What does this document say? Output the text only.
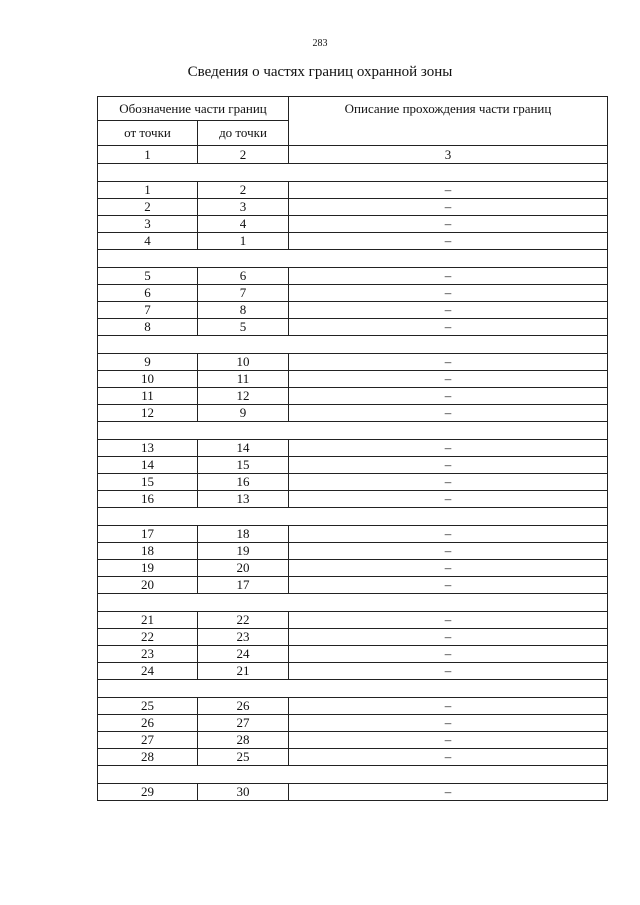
283
Сведения о частях границ охранной зоны
Обозначение части границ		Описание прохождения части границ
от точки	до точки	
1	2	3

1	2	–
2	3	–
3	4	–
4	1	–

5	6	–
6	7	–
7	8	–
8	5	–

9	10	–
10	11	–
11	12	–
12	9	–

13	14	–
14	15	–
15	16	–
16	13	–

17	18	–
18	19	–
19	20	–
20	17	–

21	22	–
22	23	–
23	24	–
24	21	–

25	26	–
26	27	–
27	28	–
28	25	–

29	30	–
